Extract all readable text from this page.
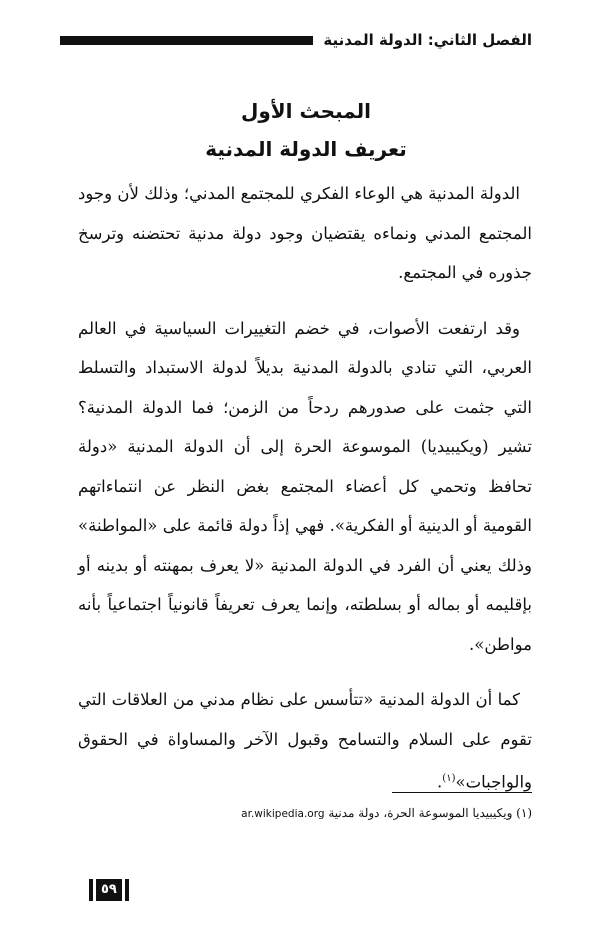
الفصل الثاني: الدولة المدنية
المبحث الأول
تعريف الدولة المدنية

الدولة المدنية هي الوعاء الفكري للمجتمع المدني؛ وذلك لأن وجود المجتمع المدني ونماءه يقتضيان وجود دولة مدنية تحتضنه وترسخ جذوره في المجتمع.

وقد ارتفعت الأصوات، في خضم التغييرات السياسية في العالم العربي، التي تنادي بالدولة المدنية بديلاً لدولة الاستبداد والتسلط التي جثمت على صدورهم ردحاً من الزمن؛ فما الدولة المدنية؟ تشير (ويكيبيديا) الموسوعة الحرة إلى أن الدولة المدنية «دولة تحافظ وتحمي كل أعضاء المجتمع بغض النظر عن انتماءاتهم القومية أو الدينية أو الفكرية». فهي إذاً دولة قائمة على «المواطنة» وذلك يعني أن الفرد في الدولة المدنية «لا يعرف بمهنته أو بدينه أو بإقليمه أو بماله أو بسلطته، وإنما يعرف تعريفاً قانونياً اجتماعياً بأنه مواطن».

كما أن الدولة المدنية «تتأسس على نظام مدني من العلاقات التي تقوم على السلام والتسامح وقبول الآخر والمساواة في الحقوق والواجبات»$^{(١)}$.

(١) ويكيبيديا الموسوعة الحرة، دولة مدنية ar.wikipedia.org
٥٩
